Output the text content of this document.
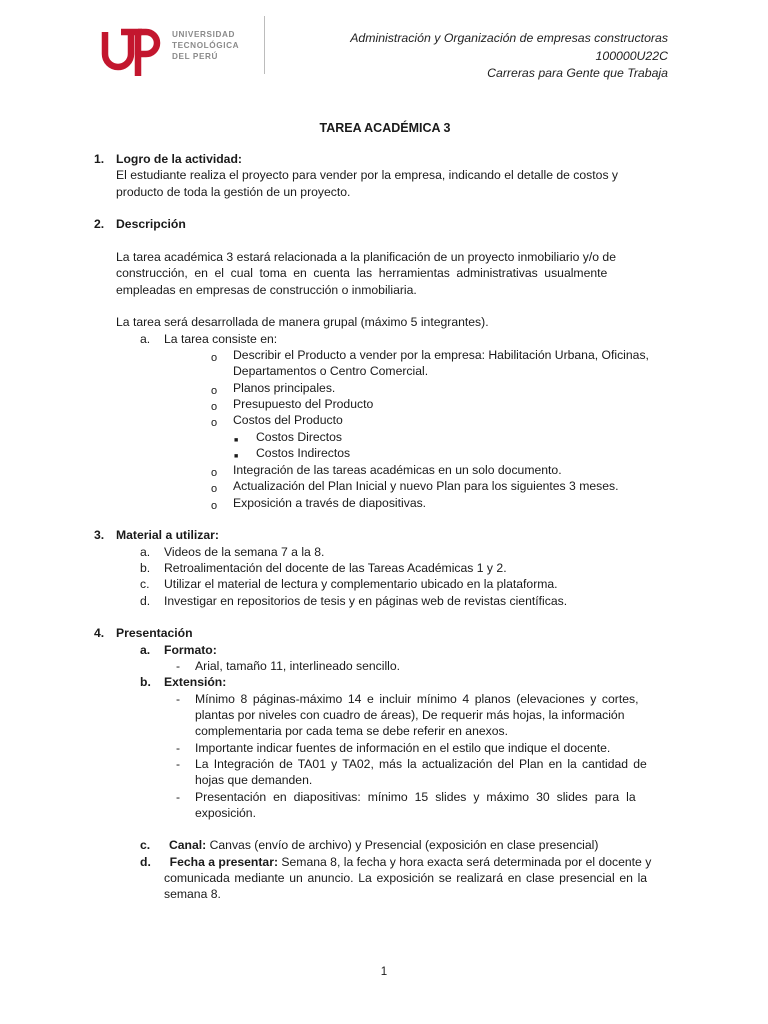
UNIVERSIDAD
TECNOLÓGICA
DEL PERÚ
Administración y Organización de empresas constructoras
100000U22C
Carreras para Gente que Trabaja
TAREA ACADÉMICA 3
1. Logro de la actividad:
El estudiante realiza el proyecto para vender por la empresa, indicando el detalle de costos y
producto de toda la gestión de un proyecto.
2. Descripción
La tarea académica 3 estará relacionada a la planificación de un proyecto inmobiliario y/o de
construcción, en el cual toma en cuenta las herramientas administrativas usualmente
empleadas en empresas de construcción o inmobiliaria.
La tarea será desarrollada de manera grupal (máximo 5 integrantes).
a. La tarea consiste en:
o Describir el Producto a vender por la empresa: Habilitación Urbana, Oficinas,
Departamentos o Centro Comercial.
o Planos principales.
o Presupuesto del Producto
o Costos del Producto
■ Costos Directos
■ Costos Indirectos
o Integración de las tareas académicas en un solo documento.
o Actualización del Plan Inicial y nuevo Plan para los siguientes 3 meses.
o Exposición a través de diapositivas.
3. Material a utilizar:
a. Videos de la semana 7 a la 8.
b. Retroalimentación del docente de las Tareas Académicas 1 y 2.
c. Utilizar el material de lectura y complementario ubicado en la plataforma.
d. Investigar en repositorios de tesis y en páginas web de revistas científicas.
4. Presentación
a. Formato:
- Arial, tamaño 11, interlineado sencillo.
b. Extensión:
- Mínimo 8 páginas-máximo 14 e incluir mínimo 4 planos (elevaciones y cortes,
plantas por niveles con cuadro de áreas), De requerir más hojas, la información
complementaria por cada tema se debe referir en anexos.
- Importante indicar fuentes de información en el estilo que indique el docente.
- La Integración de TA01 y TA02, más la actualización del Plan en la cantidad de
hojas que demanden.
- Presentación en diapositivas: mínimo 15 slides y máximo 30 slides para la
exposición.
c. Canal: Canvas (envío de archivo) y Presencial (exposición en clase presencial)
d. Fecha a presentar: Semana 8, la fecha y hora exacta será determinada por el docente y
comunicada mediante un anuncio. La exposición se realizará en clase presencial en la
semana 8.
1
